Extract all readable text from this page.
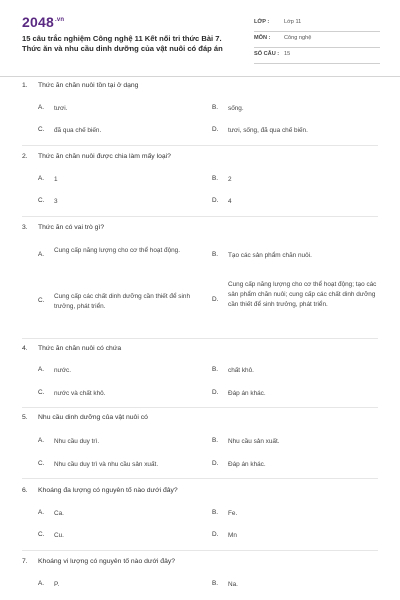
$2048^{.vn}$
15 câu trắc nghiệm Công nghệ 11 Kết nối tri thức Bài 7. Thức ăn và nhu cầu dinh dưỡng của vật nuôi có đáp án
LỚP :	Lớp 11
MÔN : Công nghệ
SỐ CÂU : 15
1. Thức ăn chăn nuôi tồn tại ở dạng
A.	tươi.	B.	sống.
C.	đã qua chế biến.	D.	tươi, sống, đã qua chế biến.
2. Thức ăn chăn nuôi được chia làm mấy loại?
A.	1	B.	2
C.	3	D.	4
3. Thức ăn có vai trò gì?
A.
Cung cấp năng lượng cho cơ thể hoạt động.
B.	Tạo các sản phẩm chăn nuôi.
C.
Cung cấp các chất dinh dưỡng cần thiết để sinh trưởng, phát triển.
D.
Cung cấp năng lượng cho cơ thể hoạt động; tạo các sản phẩm chăn nuôi; cung cấp các chất dinh dưỡng cần thiết để sinh trưởng, phát triển.
4. Thức ăn chăn nuôi có chứa
A.	nước.	B.	chất khô.
C.	nước và chất khô.	D.	Đáp án khác.
5. Nhu cầu dinh dưỡng của vật nuôi có
A.	Nhu cầu duy trì.	B.	Nhu cầu sản xuất.
C.	Nhu cầu duy trì và nhu cầu sản xuất.	D.	Đáp án khác.
6. Khoáng đa lượng có nguyên tố nào dưới đây?
A.	Ca.	B.	Fe.
C.	Cu.	D.	Mn
7. Khoáng vi lượng có nguyên tố nào dưới đây?
A.	P.	B.	Na.
